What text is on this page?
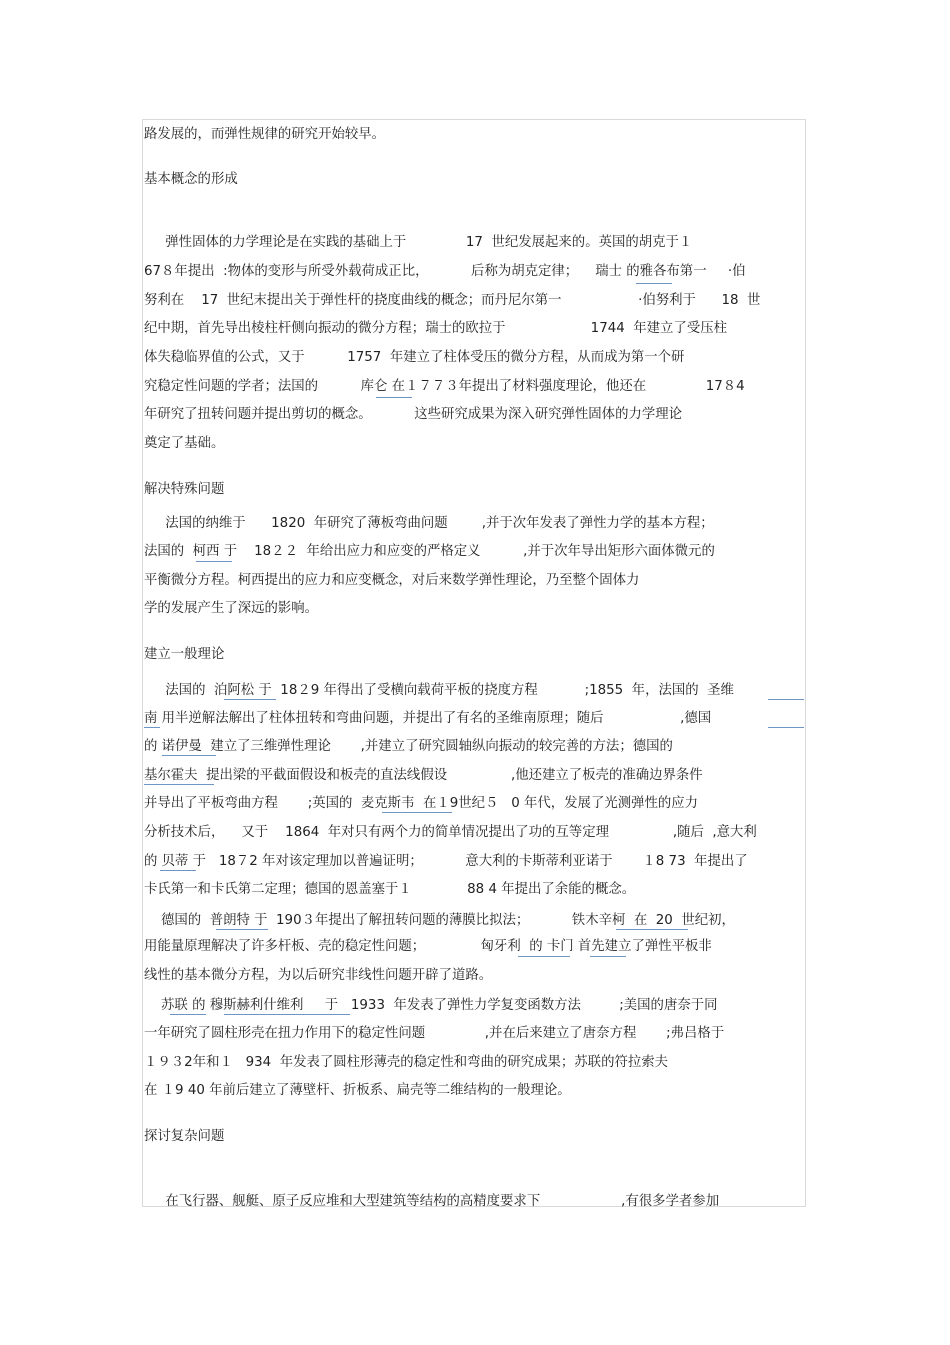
路发展的，而弹性规律的研究开始较早。
基本概念的形成
弹性固体的力学理论是在实践的基础上于              17  世纪发展起来的。英国的胡克于１
67８年提出  :物体的变形与所受外载荷成正比，          后称为胡克定律；    瑞士 的雅各布第一     ·伯
努利在    17  世纪末提出关于弹性杆的挠度曲线的概念；而丹尼尔第一                  ·伯努利于      18  世
纪中期，首先导出棱柱杆侧向振动的微分方程；瑞士的欧拉于                    1744  年建立了受压柱
体失稳临界值的公式，又于          1757  年建立了柱体受压的微分方程，从而成为第一个研
究稳定性问题的学者；法国的          库仑 在１７７３年提出了材料强度理论，他还在              17８4
年研究了扭转问题并提出剪切的概念。          这些研究成果为深入研究弹性固体的力学理论
奠定了基础。
解决特殊问题
法国的纳维于      1820  年研究了薄板弯曲问题        ,并于次年发表了弹性力学的基本方程；
法国的  柯西 于    18２２  年给出应力和应变的严格定义          ,并于次年导出矩形六面体微元的
平衡微分方程。柯西提出的应力和应变概念，对后来数学弹性理论，乃至整个固体力
学的发展产生了深远的影响。
建立一般理论
法国的  泊阿松 于  18２9 年得出了受横向载荷平板的挠度方程           ;1855  年，法国的  圣维
南 用半逆解法解出了柱体扭转和弯曲问题，并提出了有名的圣维南原理；随后                  ,德国
的 诺伊曼  建立了三维弹性理论       ,并建立了研究圆轴纵向振动的较完善的方法；德国的
基尔霍夫  提出梁的平截面假设和板壳的直法线假设               ,他还建立了板壳的准确边界条件
并导出了平板弯曲方程       ;英国的  麦克斯韦  在１9世纪５   0 年代，发展了光测弹性的应力
分析技术后，    又于    1864  年对只有两个力的简单情况提出了功的互等定理               ,随后  ,意大利
的 贝蒂 于   18７2 年对该定理加以普遍证明；          意大利的卡斯蒂利亚诺于       １8 73  年提出了
卡氏第一和卡氏第二定理；德国的恩盖塞于１             88 4 年提出了余能的概念。
德国的  普朗特 于  190３年提出了解扭转问题的薄膜比拟法；          铁木辛柯  在  20  世纪初，
用能量原理解决了许多杆板、壳的稳定性问题；             匈牙利  的 卡门 首先建立了弹性平板非
线性的基本微分方程，为以后研究非线性问题开辟了道路。
苏联 的 穆斯赫利什维利     于   1933  年发表了弹性力学复变函数方法         ;美国的唐奈于同
一年研究了圆柱形壳在扭力作用下的稳定性问题              ,并在后来建立了唐奈方程       ;弗吕格于
１９３2年和１   934  年发表了圆柱形薄壳的稳定性和弯曲的研究成果；苏联的符拉索夫
在 １9 40 年前后建立了薄壁杆、折板系、扁壳等二维结构的一般理论。
探讨复杂问题
在飞行器、舰艇、原子反应堆和大型建筑等结构的高精度要求下                   ,有很多学者参加
